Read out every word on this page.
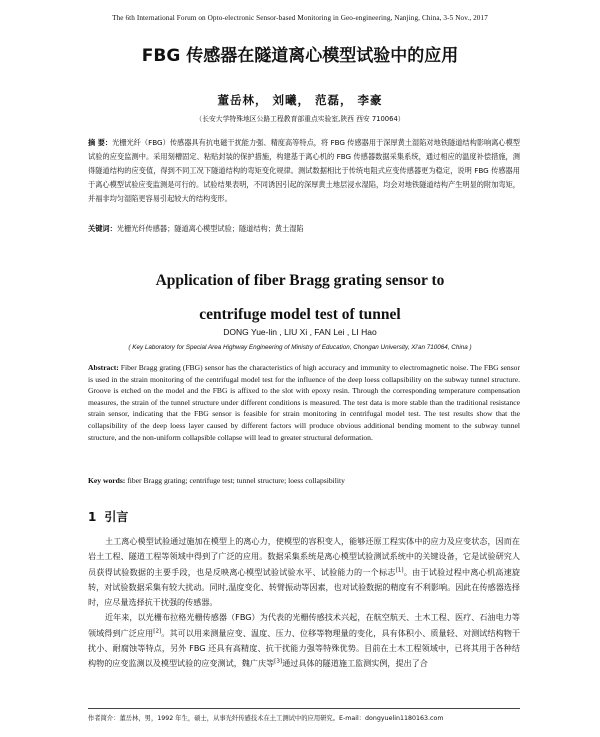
The 6th International Forum on Opto-electronic Sensor-based Monitoring in Geo-engineering, Nanjing, China, 3-5 Nov., 2017
FBG 传感器在隧道离心模型试验中的应用
董岳林， 刘曦， 范磊， 李豪
（长安大学特殊地区公路工程教育部重点实验室,陕西 西安 710064）
摘 要：光栅光纤（FBG）传感器具有抗电磁干扰能力强、精度高等特点，将 FBG 传感器用于深厚黄土湿陷对地铁隧道结构影响离心模型试验的应变监测中。采用刻槽固定、粘贴封装的保护措施，构建基于离心机的 FBG 传感器数据采集系统，通过相应的温度补偿措施，测得隧道结构的应变值，得到不同工况下隧道结构的弯矩变化规律。测试数据相比于传统电阻式应变传感器更为稳定，说明 FBG 传感器用于离心模型试验应变监测是可行的。试验结果表明，不同诱因引起的深厚黄土地层浸水湿陷，均会对地铁隧道结构产生明显的附加弯矩，并福非均匀湿陷更容易引起较大的结构变形。
关键词：光栅光纤传感器；隧道离心模型试验；隧道结构；黄土湿陷
Application of fiber Bragg grating sensor to
centrifuge model test of tunnel
DONG Yue-lin , LIU Xi , FAN Lei , LI Hao
( Key Laboratory for Special Area Highway Engineering of Ministry of Education, Chongan University, Xi'an 710064, China )
Abstract: Fiber Bragg grating (FBG) sensor has the characteristics of high accuracy and immunity to electromagnetic noise. The FBG sensor is used in the strain monitoring of the centrifugal model test for the influence of the deep loess collapsibility on the subway tunnel structure. Groove is etched on the model and the FBG is affixed to the slot with epoxy resin. Through the corresponding temperature compensation measures, the strain of the tunnel structure under different conditions is measured. The test data is more stable than the traditional resistance strain sensor, indicating that the FBG sensor is feasible for strain monitoring in centrifugal model test. The test results show that the collapsibility of the deep loess layer caused by different factors will produce obvious additional bending moment to the subway tunnel structure, and the non-uniform collapsible collapse will lead to greater structural deformation.
Key words: fiber Bragg grating; centrifuge test; tunnel structure; loess collapsibility
1 引言

土工离心模型试验通过施加在模型上的离心力，使模型的容积变人，能够还原工程实体中的应力及应变状态，因而在岩土工程、隧道工程等领域中得到了广泛的应用。数据采集系统是离心模型试验测试系统中的关键设备，它是试验研究人员获得试验数据的主要手段，也是反映离心模型试验试验水平、试验能力的一个标志[1]。由于试验过程中离心机高速旋转，对试验数据采集有较大扰动。同时,温度变化、转臂振动等因素，也对试验数据的精度有不利影响。因此在传感器选择时，应尽量选择抗干扰强的传感器。

近年来，以光栅布拉格光栅传感器（FBG）为代表的光栅传感技术兴起，在航空航天、土木工程、医疗、石油电力等领域得到广泛应用[2]。其可以用来测量应变、温度、压力、位移等物理量的变化，具有体积小、质量轻、对测试结构物干扰小、耐腐蚀等特点，另外 FBG 还具有高精度、抗干扰能力强等特殊优势。目前在土木工程领域中，已将其用于各种结构物的应变监测以及模型试验的应变测试，魏广庆等[3]通过具体的隧道施工监测实例，提出了合

作者简介：董岳林，男，1992 年生，硕士，从事光纤传感技术在土工测试中的应用研究。E-mail：dongyuelin1180163.com
